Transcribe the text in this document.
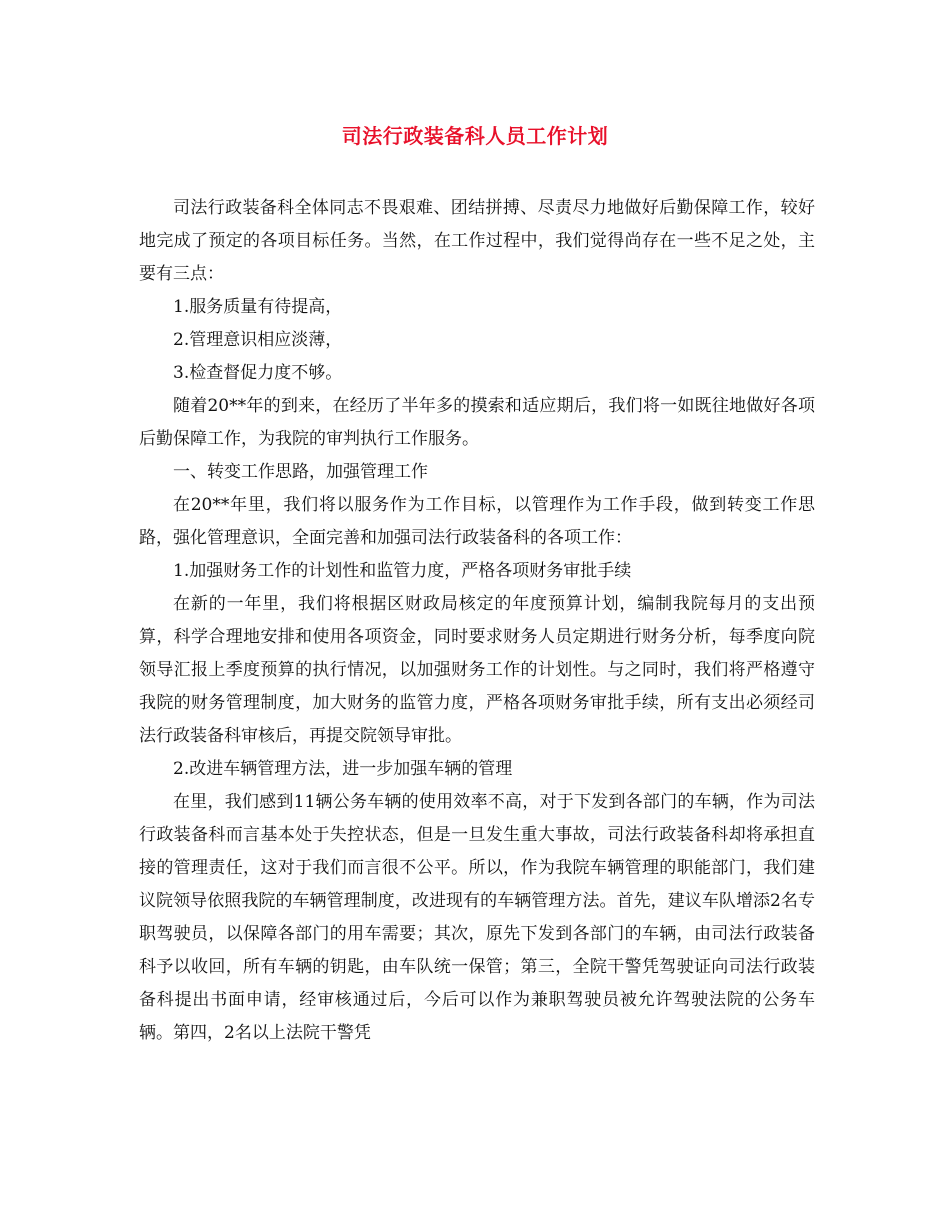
司法行政装备科人员工作计划

司法行政装备科全体同志不畏艰难、团结拼搏、尽责尽力地做好后勤保障工作，较好地完成了预定的各项目标任务。当然，在工作过程中，我们觉得尚存在一些不足之处，主要有三点：

1.服务质量有待提高，

2.管理意识相应淡薄，

3.检查督促力度不够。

随着20**年的到来，在经历了半年多的摸索和适应期后，我们将一如既往地做好各项后勤保障工作，为我院的审判执行工作服务。

一、转变工作思路，加强管理工作

在20**年里，我们将以服务作为工作目标，以管理作为工作手段，做到转变工作思路，强化管理意识，全面完善和加强司法行政装备科的各项工作：

1.加强财务工作的计划性和监管力度，严格各项财务审批手续

在新的一年里，我们将根据区财政局核定的年度预算计划，编制我院每月的支出预算，科学合理地安排和使用各项资金，同时要求财务人员定期进行财务分析，每季度向院领导汇报上季度预算的执行情况，以加强财务工作的计划性。与之同时，我们将严格遵守我院的财务管理制度，加大财务的监管力度，严格各项财务审批手续，所有支出必须经司法行政装备科审核后，再提交院领导审批。

2.改进车辆管理方法，进一步加强车辆的管理

在里，我们感到11辆公务车辆的使用效率不高，对于下发到各部门的车辆，作为司法行政装备科而言基本处于失控状态，但是一旦发生重大事故，司法行政装备科却将承担直接的管理责任，这对于我们而言很不公平。所以，作为我院车辆管理的职能部门，我们建议院领导依照我院的车辆管理制度，改进现有的车辆管理方法。首先，建议车队增添2名专职驾驶员，以保障各部门的用车需要；其次，原先下发到各部门的车辆，由司法行政装备科予以收回，所有车辆的钥匙，由车队统一保管；第三，全院干警凭驾驶证向司法行政装备科提出书面申请，经审核通过后，今后可以作为兼职驾驶员被允许驾驶法院的公务车辆。第四，2名以上法院干警凭
